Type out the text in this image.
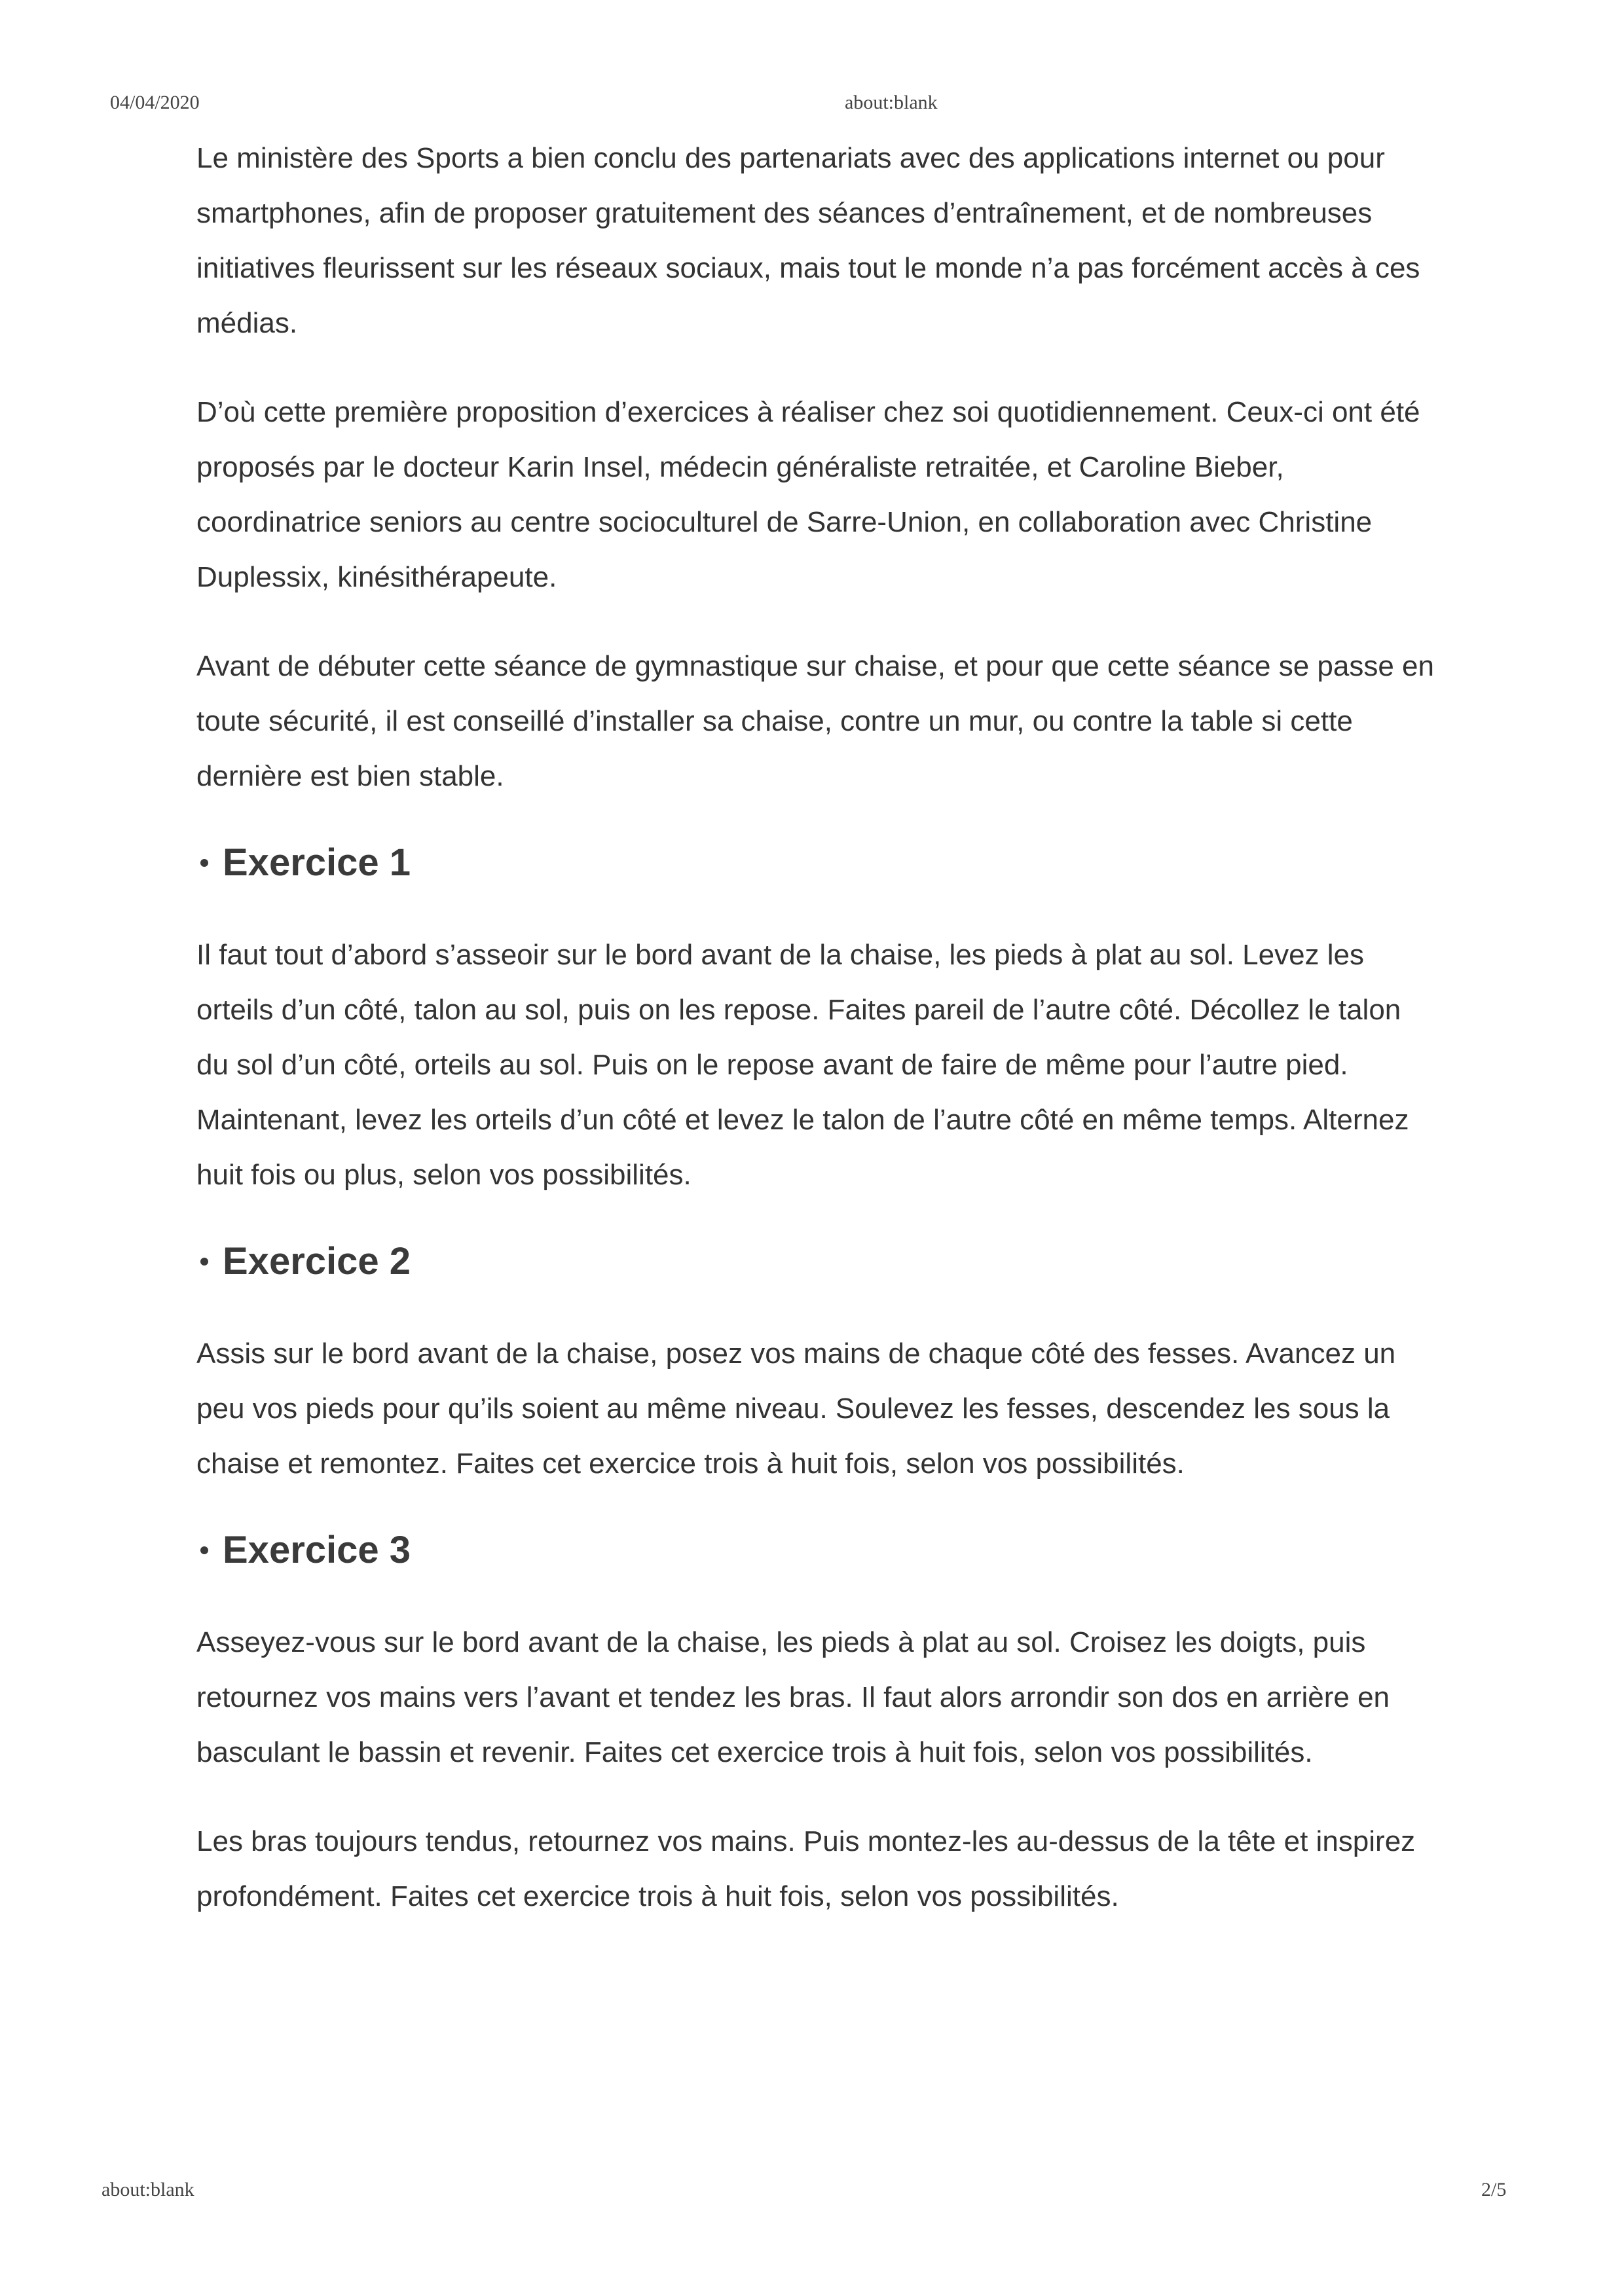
04/04/2020	about:blank

Le ministère des Sports a bien conclu des partenariats avec des applications internet ou pour smartphones, afin de proposer gratuitement des séances d’entraînement, et de nombreuses initiatives fleurissent sur les réseaux sociaux, mais tout le monde n’a pas forcément accès à ces médias.

D’où cette première proposition d’exercices à réaliser chez soi quotidiennement. Ceux-ci ont été proposés par le docteur Karin Insel, médecin généraliste retraitée, et Caroline Bieber, coordinatrice seniors au centre socioculturel de Sarre-Union, en collaboration avec Christine Duplessix, kinésithérapeute.

Avant de débuter cette séance de gymnastique sur chaise, et pour que cette séance se passe en toute sécurité, il est conseillé d’installer sa chaise, contre un mur, ou contre la table si cette dernière est bien stable.

Exercice 1

Il faut tout d’abord s’asseoir sur le bord avant de la chaise, les pieds à plat au sol. Levez les orteils d’un côté, talon au sol, puis on les repose. Faites pareil de l’autre côté. Décollez le talon du sol d’un côté, orteils au sol. Puis on le repose avant de faire de même pour l’autre pied. Maintenant, levez les orteils d’un côté et levez le talon de l’autre côté en même temps. Alternez huit fois ou plus, selon vos possibilités.

Exercice 2

Assis sur le bord avant de la chaise, posez vos mains de chaque côté des fesses. Avancez un peu vos pieds pour qu’ils soient au même niveau. Soulevez les fesses, descendez les sous la chaise et remontez. Faites cet exercice trois à huit fois, selon vos possibilités.

Exercice 3

Asseyez-vous sur le bord avant de la chaise, les pieds à plat au sol. Croisez les doigts, puis retournez vos mains vers l’avant et tendez les bras. Il faut alors arrondir son dos en arrière en basculant le bassin et revenir. Faites cet exercice trois à huit fois, selon vos possibilités.

Les bras toujours tendus, retournez vos mains. Puis montez-les au-dessus de la tête et inspirez profondément. Faites cet exercice trois à huit fois, selon vos possibilités.

about:blank	2/5
